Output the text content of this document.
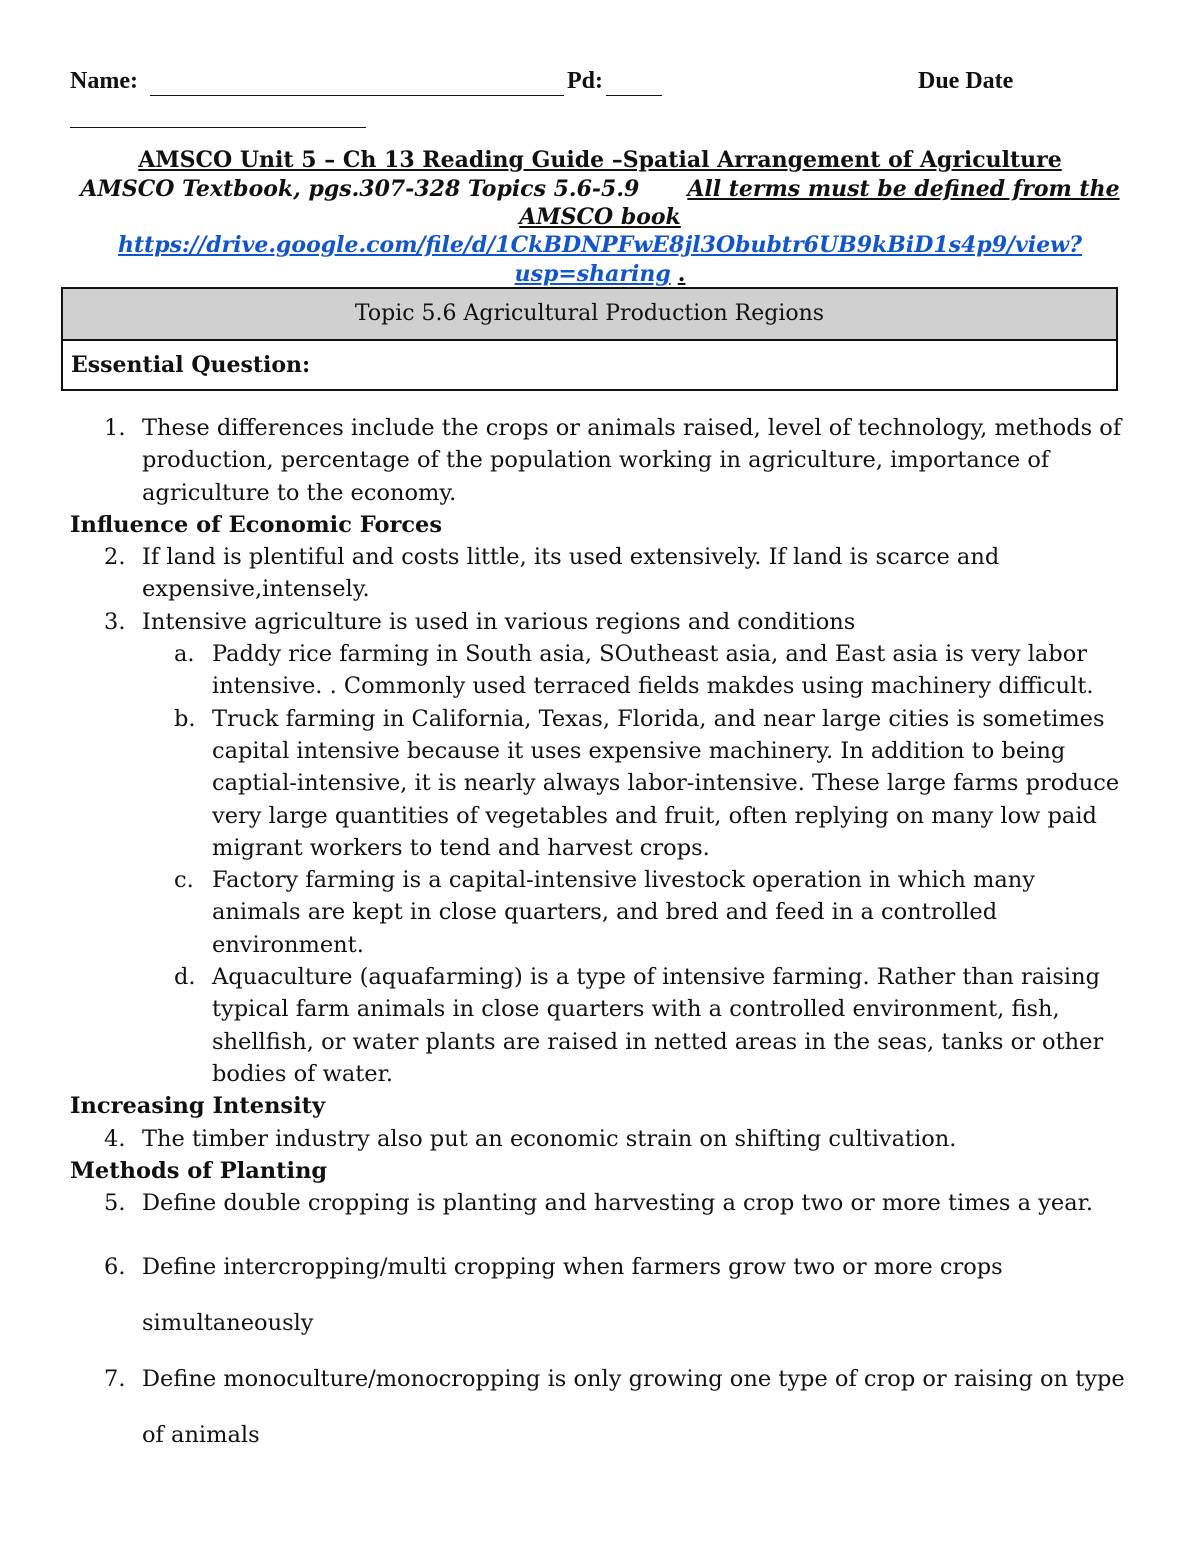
Name:	Pd:	Due Date
AMSCO Unit 5 – Ch 13 Reading Guide –Spatial Arrangement of Agriculture
AMSCO Textbook, pgs.307-328 Topics 5.6-5.9 All terms must be defined from the AMSCO book
https://drive.google.com/file/d/1CkBDNPFwE8jl3Obubtr6UB9kBiD1s4p9/view?usp=sharing .
Topic 5.6 Agricultural Production Regions
Essential Question:
1. These differences include the crops or animals raised, level of technology, methods of production, percentage of the population working in agriculture, importance of agriculture to the economy.
Influence of Economic Forces
2. If land is plentiful and costs little, its used extensively. If land is scarce and expensive,intensely.
3. Intensive agriculture is used in various regions and conditions
a. Paddy rice farming in South asia, SOutheast asia, and East asia is very labor intensive. . Commonly used terraced fields makdes using machinery difficult.
b. Truck farming in California, Texas, Florida, and near large cities is sometimes capital intensive because it uses expensive machinery. In addition to being captial-intensive, it is nearly always labor-intensive. These large farms produce very large quantities of vegetables and fruit, often replying on many low paid migrant workers to tend and harvest crops.
c. Factory farming is a capital-intensive livestock operation in which many animals are kept in close quarters, and bred and feed in a controlled environment.
d. Aquaculture (aquafarming) is a type of intensive farming. Rather than raising typical farm animals in close quarters with a controlled environment, fish, shellfish, or water plants are raised in netted areas in the seas, tanks or other bodies of water.
Increasing Intensity
4. The timber industry also put an economic strain on shifting cultivation.
Methods of Planting
5. Define double cropping is planting and harvesting a crop two or more times a year.
6. Define intercropping/multi cropping when farmers grow two or more crops simultaneously
7. Define monoculture/monocropping is only growing one type of crop or raising on type of animals
